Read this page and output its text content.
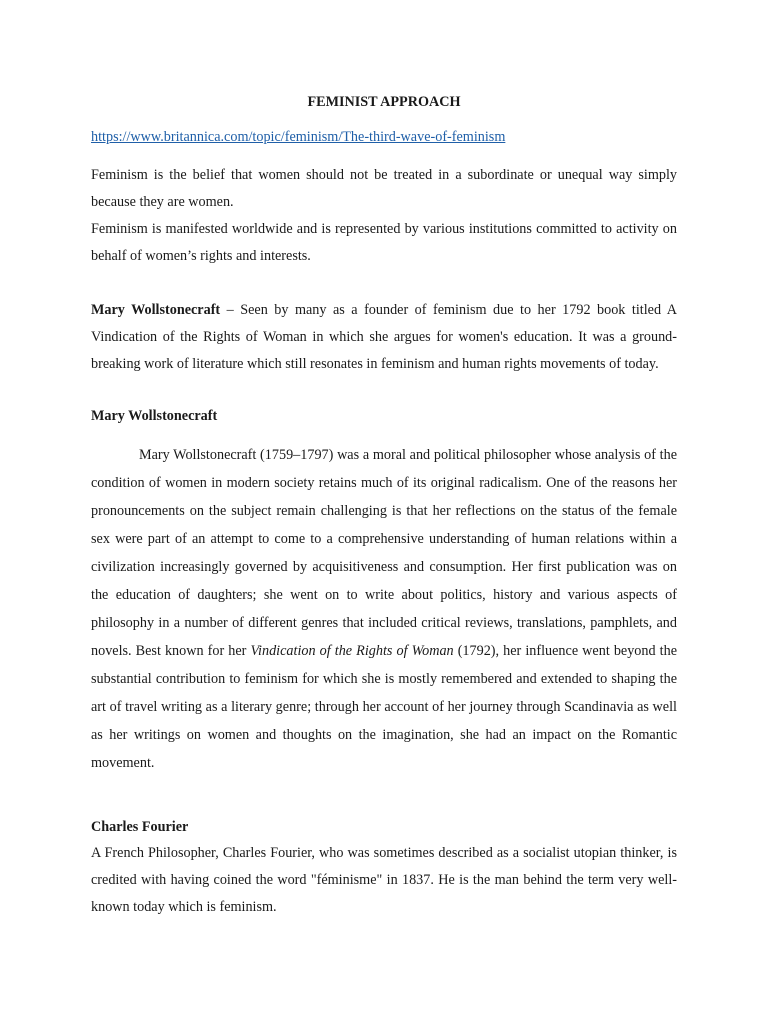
FEMINIST APPROACH
https://www.britannica.com/topic/feminism/The-third-wave-of-feminism

Feminism is the belief that women should not be treated in a subordinate or unequal way simply because they are women.

Feminism is manifested worldwide and is represented by various institutions committed to activity on behalf of women’s rights and interests.

Mary Wollstonecraft – Seen by many as a founder of feminism due to her 1792 book titled A Vindication of the Rights of Woman in which she argues for women's education. It was a ground-breaking work of literature which still resonates in feminism and human rights movements of today.

Mary Wollstonecraft

Mary Wollstonecraft (1759–1797) was a moral and political philosopher whose analysis of the condition of women in modern society retains much of its original radicalism. One of the reasons her pronouncements on the subject remain challenging is that her reflections on the status of the female sex were part of an attempt to come to a comprehensive understanding of human relations within a civilization increasingly governed by acquisitiveness and consumption. Her first publication was on the education of daughters; she went on to write about politics, history and various aspects of philosophy in a number of different genres that included critical reviews, translations, pamphlets, and novels. Best known for her Vindication of the Rights of Woman (1792), her influence went beyond the substantial contribution to feminism for which she is mostly remembered and extended to shaping the art of travel writing as a literary genre; through her account of her journey through Scandinavia as well as her writings on women and thoughts on the imagination, she had an impact on the Romantic movement.

Charles Fourier

A French Philosopher, Charles Fourier, who was sometimes described as a socialist utopian thinker, is credited with having coined the word "féminisme" in 1837. He is the man behind the term very well-known today which is feminism.
